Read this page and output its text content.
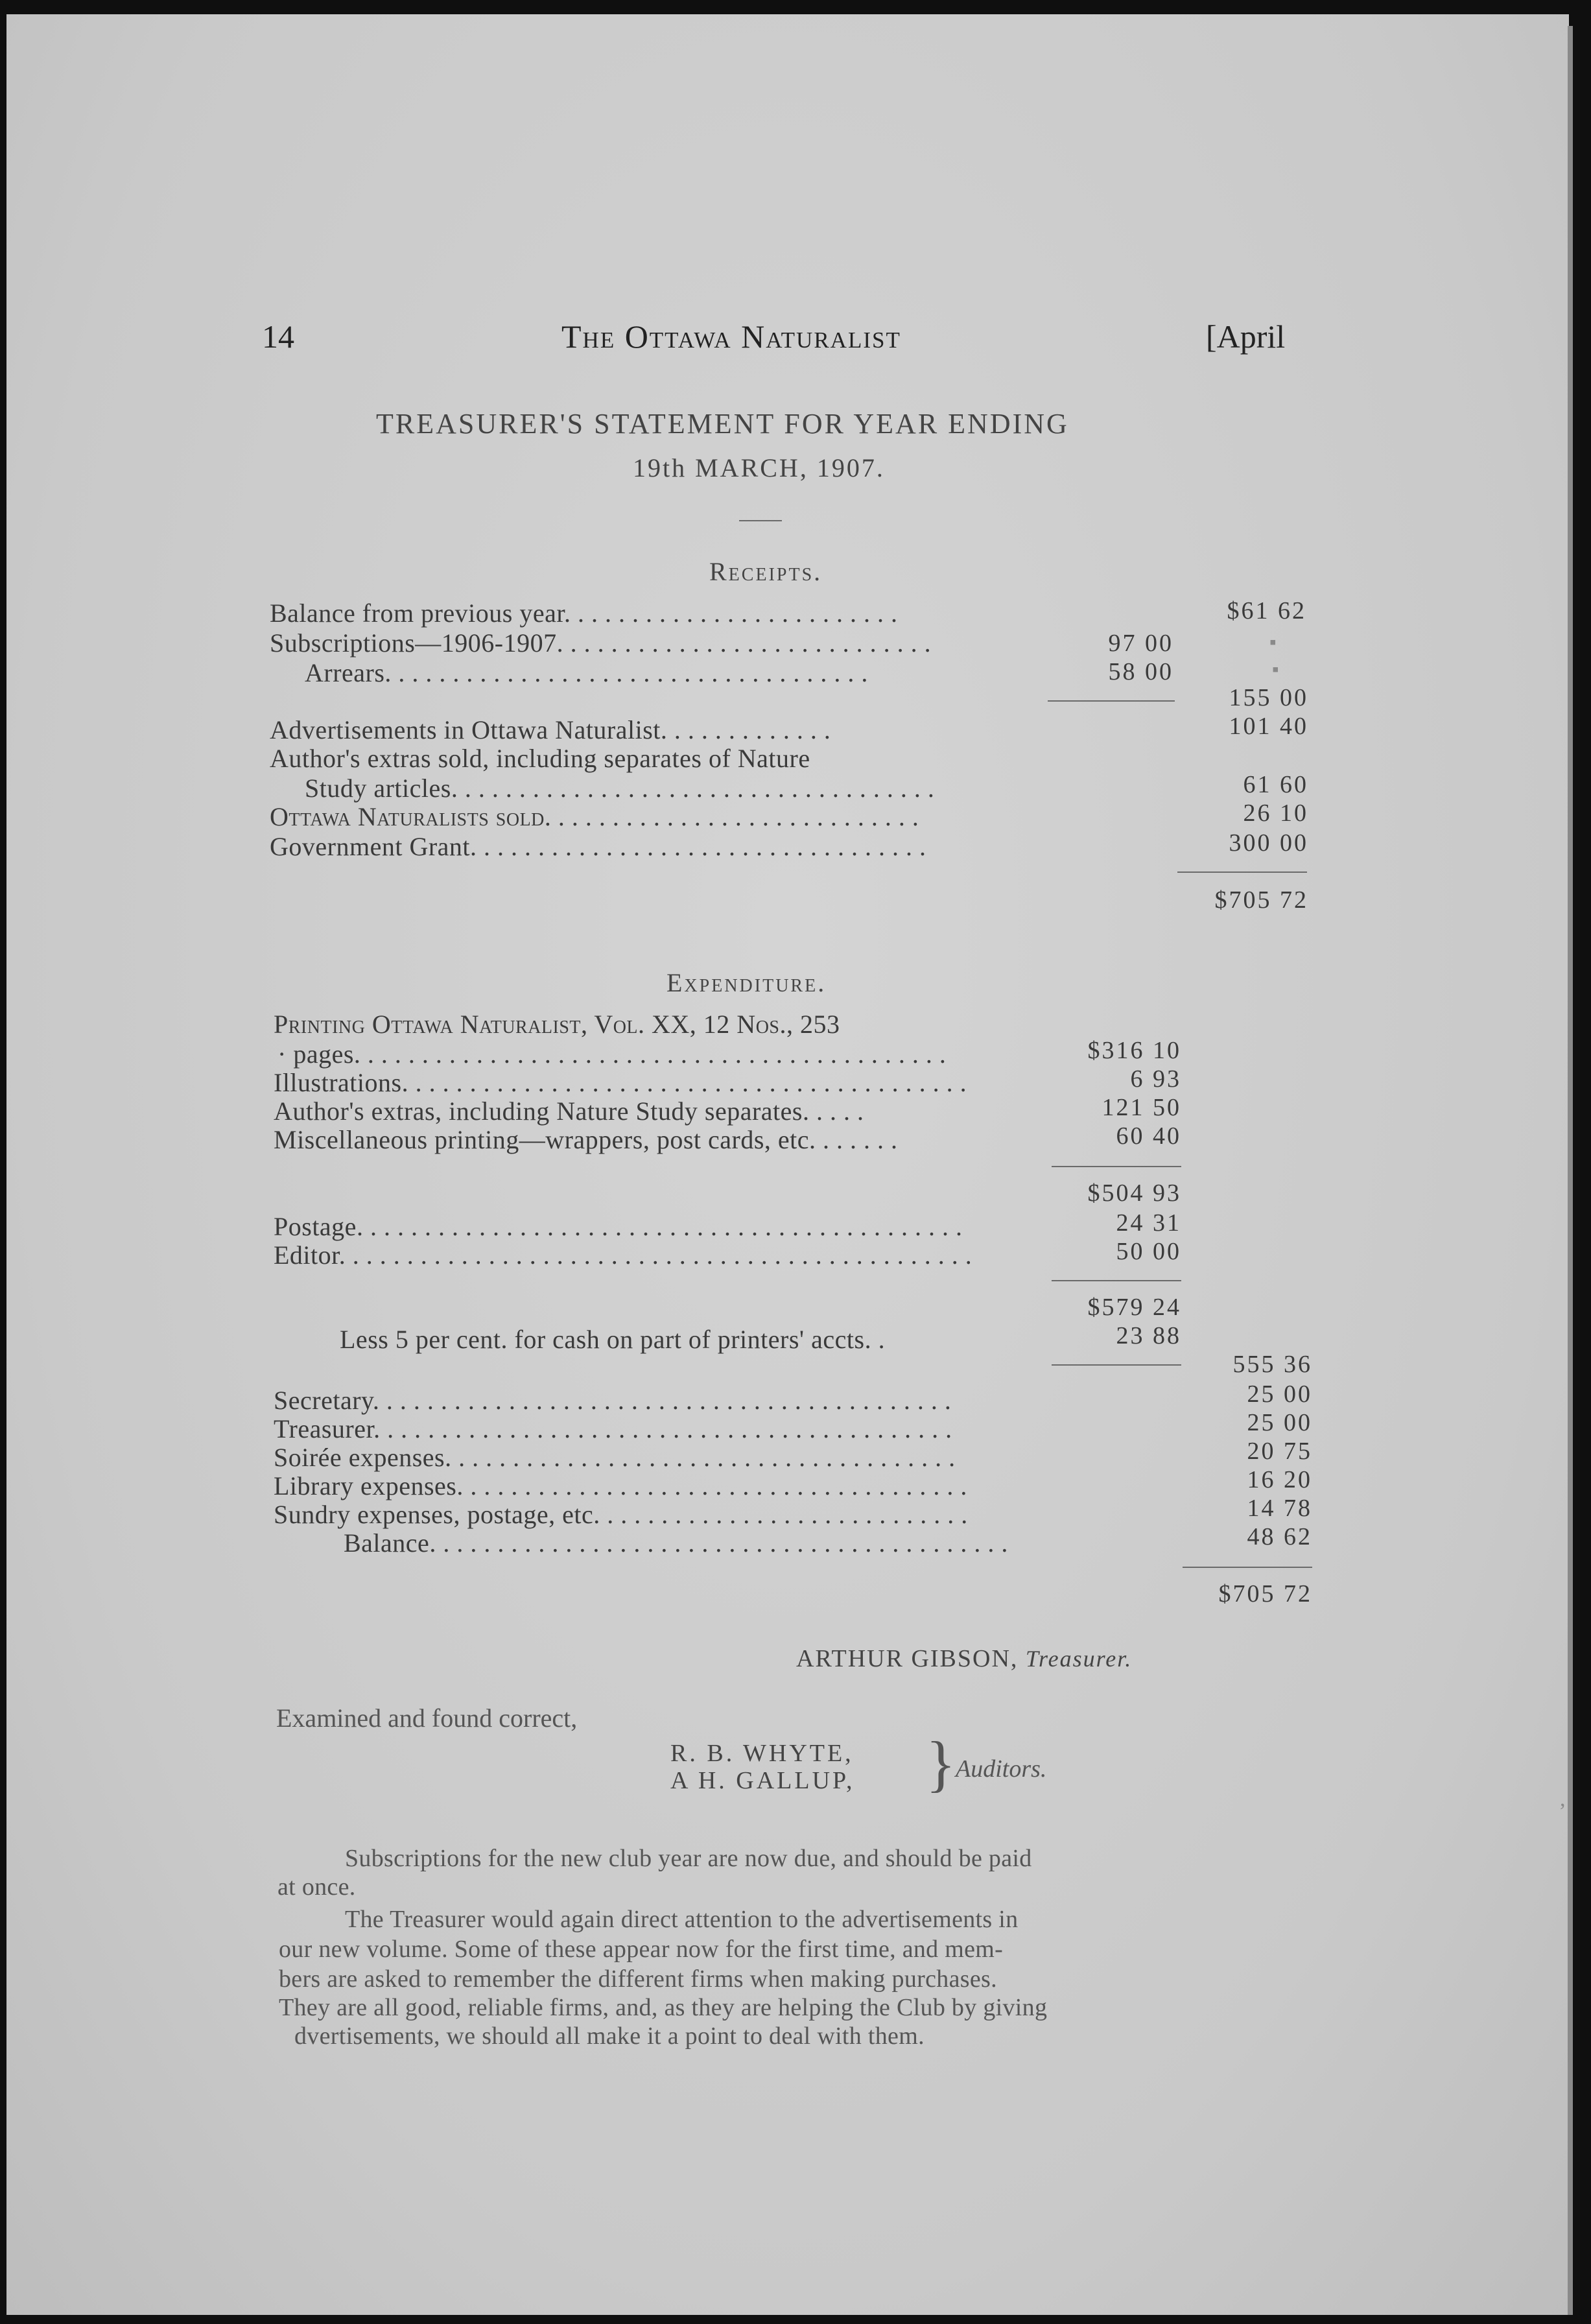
14	The Ottawa Naturalist	[April
TREASURER'S STATEMENT FOR YEAR ENDING
19th MARCH, 1907.
Receipts.
Balance from previous year. . . . . . . . . . . . . . . . . . . . . . . . .	$61 62
Subscriptions—1906-1907. . . . . . . . . . . . . . . . . . . . . . . . . . . .	97 00	▪
Arrears. . . . . . . . . . . . . . . . . . . . . . . . . . . . . . . . . . . .	58 00	▪
155 00
Advertisements in Ottawa Naturalist. . . . . . . . . . . . .	101 40
Author's extras sold, including separates of Nature
Study articles. . . . . . . . . . . . . . . . . . . . . . . . . . . . . . . . . . . .	61 60
Ottawa Naturalists sold. . . . . . . . . . . . . . . . . . . . . . . . . . . .	26 10
Government Grant. . . . . . . . . . . . . . . . . . . . . . . . . . . . . . . . . .	300 00
$705 72
Expenditure.
Printing Ottawa Naturalist, Vol. XX, 12 Nos., 253
· pages. . . . . . . . . . . . . . . . . . . . . . . . . . . . . . . . . . . . . . . . . . . .	$316 10
Illustrations. . . . . . . . . . . . . . . . . . . . . . . . . . . . . . . . . . . . . . . . . .	6 93
Author's extras, including Nature Study separates. . . . .	121 50
Miscellaneous printing—wrappers, post cards, etc. . . . . . .	60 40
$504 93
Postage. . . . . . . . . . . . . . . . . . . . . . . . . . . . . . . . . . . . . . . . . . . . .	24 31
Editor. . . . . . . . . . . . . . . . . . . . . . . . . . . . . . . . . . . . . . . . . . . . . . .	50 00
$579 24
Less 5 per cent. for cash on part of printers' accts. .	23 88
555 36
Secretary. . . . . . . . . . . . . . . . . . . . . . . . . . . . . . . . . . . . . . . . . . .	25 00
Treasurer. . . . . . . . . . . . . . . . . . . . . . . . . . . . . . . . . . . . . . . . . . .	25 00
Soirée expenses. . . . . . . . . . . . . . . . . . . . . . . . . . . . . . . . . . . . . .	20 75
Library expenses. . . . . . . . . . . . . . . . . . . . . . . . . . . . . . . . . . . . . .	16 20
Sundry expenses, postage, etc. . . . . . . . . . . . . . . . . . . . . . . . . . . .	14 78
Balance. . . . . . . . . . . . . . . . . . . . . . . . . . . . . . . . . . . . . . . . . . .	48 62
$705 72
ARTHUR GIBSON, Treasurer.
Examined and found correct,
R. B. WHYTE,
A H. GALLUP, } Auditors.
Subscriptions for the new club year are now due, and should be paid
at once.
The Treasurer would again direct attention to the advertisements in
our new volume. Some of these appear now for the first time, and mem-
bers are asked to remember the different firms when making purchases.
They are all good, reliable firms, and, as they are helping the Club by giving
dvertisements, we should all make it a point to deal with them.
,
